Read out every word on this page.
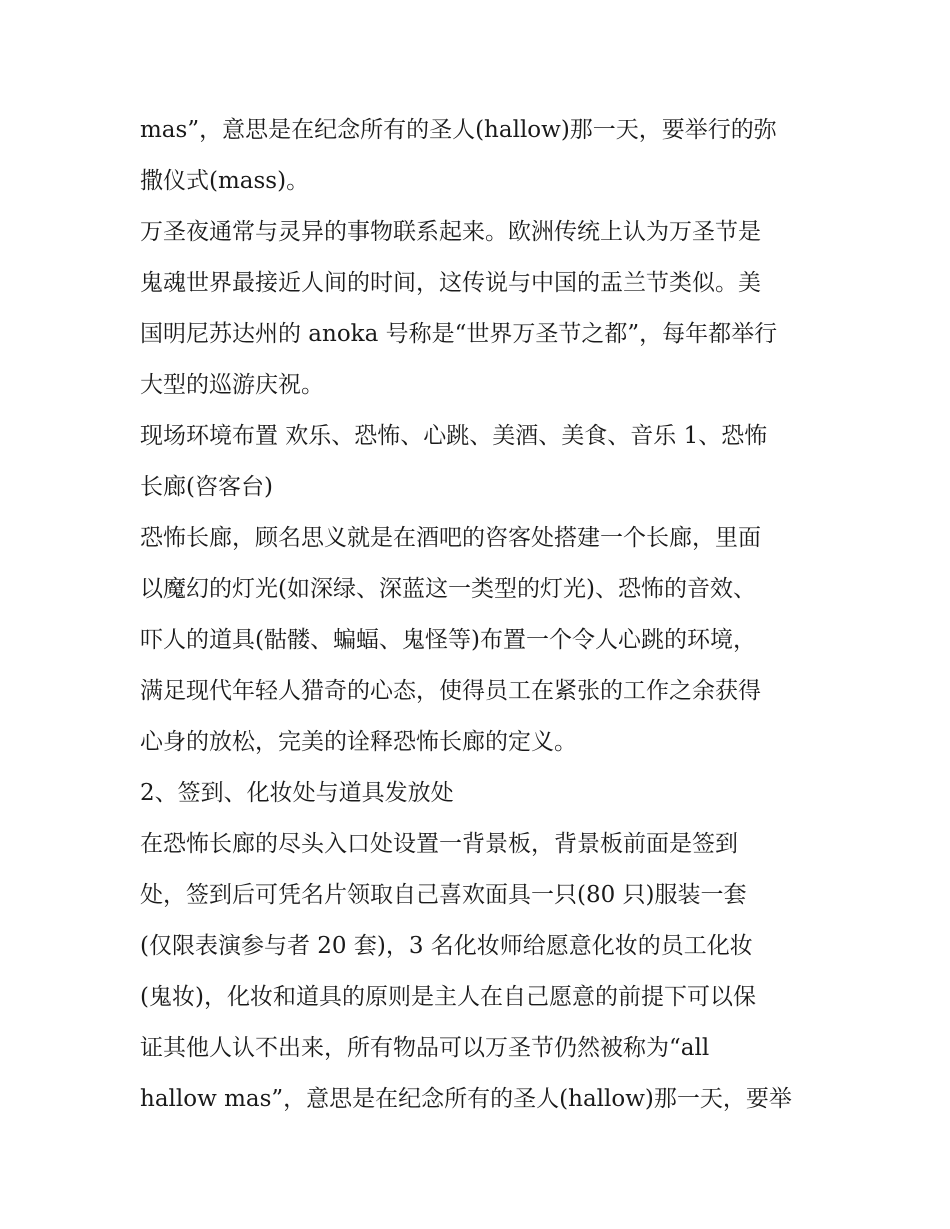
mas”，意思是在纪念所有的圣人(hallow)那一天，要举行的弥
撒仪式(mass)。
万圣夜通常与灵异的事物联系起来。欧洲传统上认为万圣节是
鬼魂世界最接近人间的时间，这传说与中国的盂兰节类似。美
国明尼苏达州的 anoka 号称是“世界万圣节之都”，每年都举行
大型的巡游庆祝。
现场环境布置 欢乐、恐怖、心跳、美酒、美食、音乐 1、恐怖
长廊(咨客台)
恐怖长廊，顾名思义就是在酒吧的咨客处搭建一个长廊，里面
以魔幻的灯光(如深绿、深蓝这一类型的灯光)、恐怖的音效、
吓人的道具(骷髅、蝙蝠、鬼怪等)布置一个令人心跳的环境，
满足现代年轻人猎奇的心态，使得员工在紧张的工作之余获得
心身的放松，完美的诠释恐怖长廊的定义。
2、签到、化妆处与道具发放处
在恐怖长廊的尽头入口处设置一背景板，背景板前面是签到
处，签到后可凭名片领取自己喜欢面具一只(80 只)服装一套
(仅限表演参与者 20 套)，3 名化妆师给愿意化妆的员工化妆
(鬼妆)，化妆和道具的原则是主人在自己愿意的前提下可以保
证其他人认不出来，所有物品可以万圣节仍然被称为“all
hallow mas”，意思是在纪念所有的圣人(hallow)那一天，要举
